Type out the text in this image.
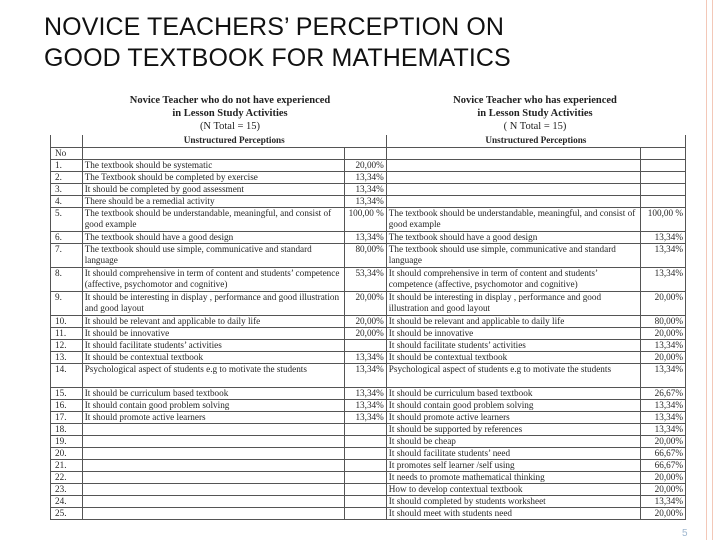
NOVICE TEACHERS’ PERCEPTION ON
GOOD TEXTBOOK FOR MATHEMATICS
Novice Teacher who do not have experienced
in Lesson Study Activities
(N Total = 15)
Novice Teacher who has experienced
in Lesson Study Activities
( N Total = 15)
	Unstructured Perceptions		Unstructured Perceptions	
No				
1.	The textbook should be systematic	20,00%		
2.	The Textbook should be completed by exercise	13,34%		
3.	It should be completed by good assessment	13,34%		
4.	There should be a remedial activity	13,34%		
5.	The textbook should be understandable, meaningful, and consist of good example	100,00 %	The textbook should be understandable, meaningful, and consist of good example	100,00 %
6.	The textbook should have a good design	13,34%	The textbook should have a good design	13,34%
7.	The textbook should use simple, communicative and standard language	80,00%	The textbook should use simple, communicative and standard language	13,34%
8.	It should comprehensive in term of content and students’ competence (affective, psychomotor and cognitive)	53,34%	It should comprehensive in term of content and students’ competence (affective, psychomotor and cognitive)	13,34%
9.	It should be interesting in display , performance and good illustration and good layout	20,00%	It should be interesting in display , performance and good illustration and good layout	20,00%
10.	It should be relevant and applicable to daily life	20,00%	It should be relevant and applicable to daily life	80,00%
11.	It should be innovative	20,00%	It should be innovative	20,00%
12.	It should facilitate students’ activities		It should facilitate students’ activities	13,34%
13.	It should be contextual textbook	13,34%	It should be contextual textbook	20,00%
14.	Psychological aspect of students e.g to motivate the students	13,34%	Psychological aspect of students e.g to motivate the students	13,34%
15.	It should be curriculum based textbook	13,34%	It should be curriculum based textbook	26,67%
16.	It should contain good problem solving	13,34%	It should contain good problem solving	13,34%
17.	It should promote active learners	13,34%	It should promote active learners	13,34%
18.			It should be supported by references	13,34%
19.			It should be cheap	20,00%
20.			It should facilitate students’ need	66,67%
21.			It promotes self learner /self using	66,67%
22.			It needs to promote mathematical thinking	20,00%
23.			How to develop contextual textbook	20,00%
24.			It should completed by students worksheet	13,34%
25.			It should meet with students need	20,00%
5
